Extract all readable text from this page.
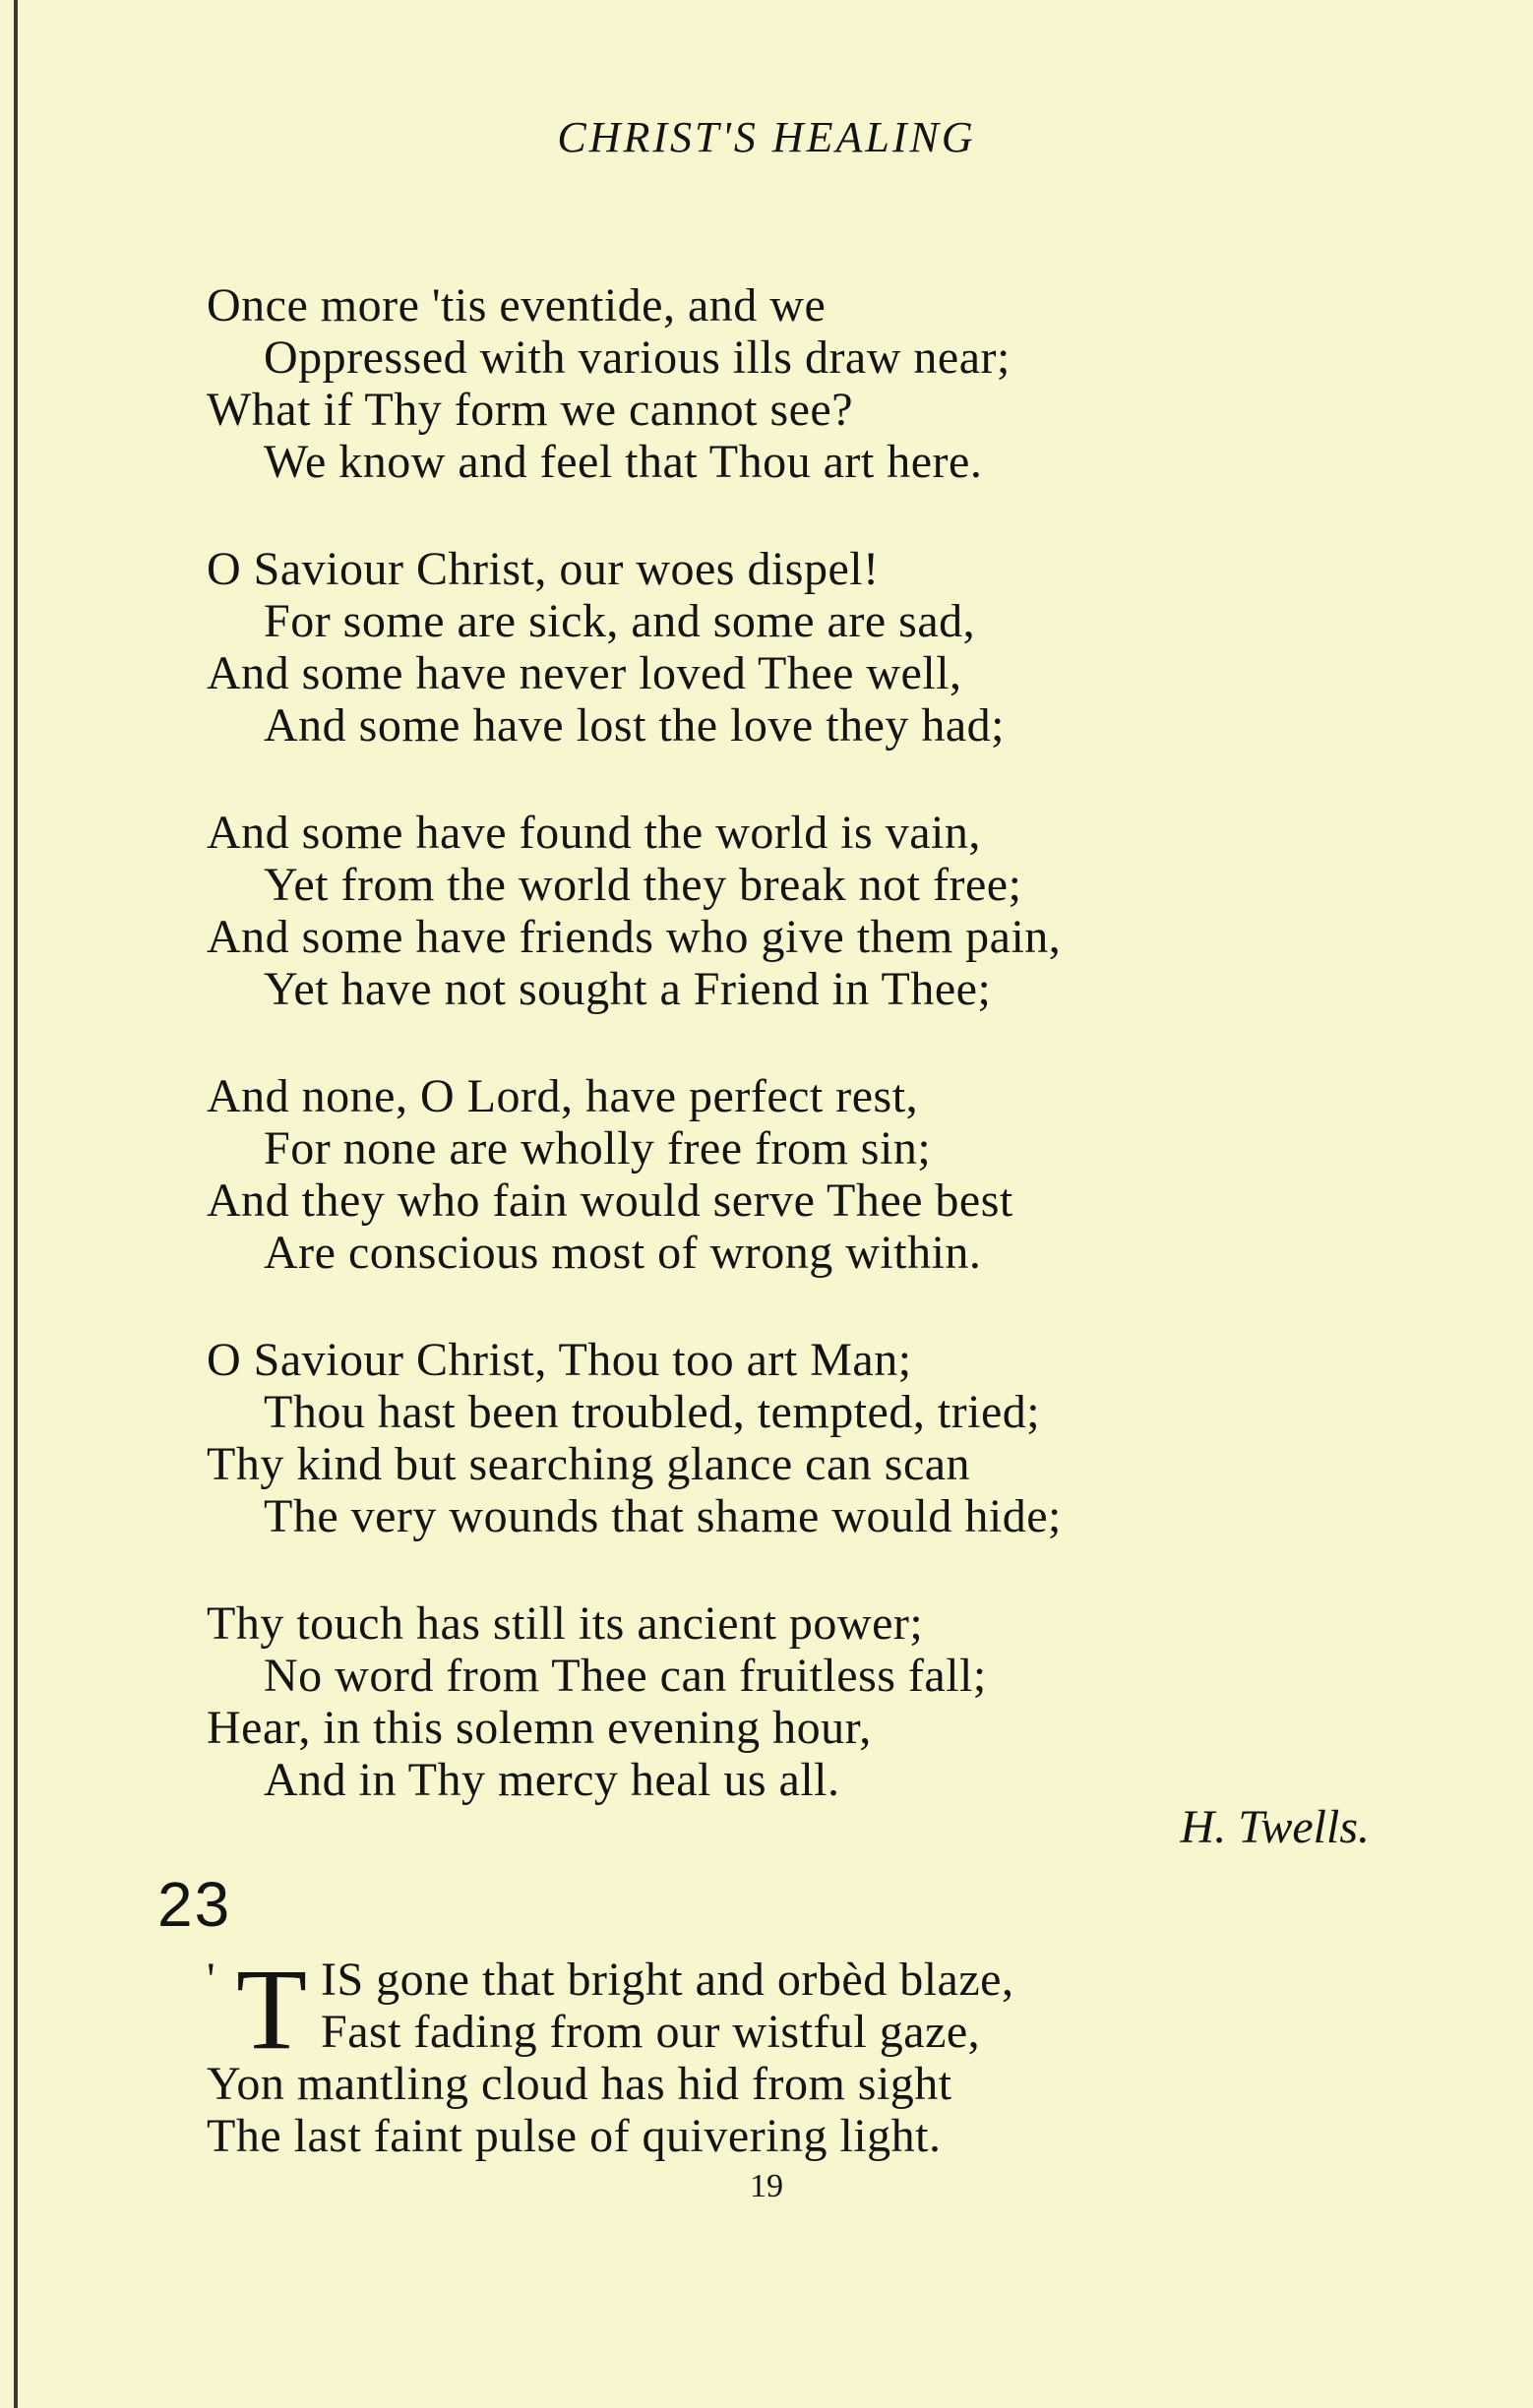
CHRIST'S HEALING
Once more 'tis eventide, and we
Oppressed with various ills draw near;
What if Thy form we cannot see?
We know and feel that Thou art here.
O Saviour Christ, our woes dispel!
For some are sick, and some are sad,
And some have never loved Thee well,
And some have lost the love they had;
And some have found the world is vain,
Yet from the world they break not free;
And some have friends who give them pain,
Yet have not sought a Friend in Thee;
And none, O Lord, have perfect rest,
For none are wholly free from sin;
And they who fain would serve Thee best
Are conscious most of wrong within.
O Saviour Christ, Thou too art Man;
Thou hast been troubled, tempted, tried;
Thy kind but searching glance can scan
The very wounds that shame would hide;
Thy touch has still its ancient power;
No word from Thee can fruitless fall;
Hear, in this solemn evening hour,
And in Thy mercy heal us all.
H. Twells.
23
T
' IS gone that bright and orbèd blaze,
Fast fading from our wistful gaze,
Yon mantling cloud has hid from sight
The last faint pulse of quivering light.
19
